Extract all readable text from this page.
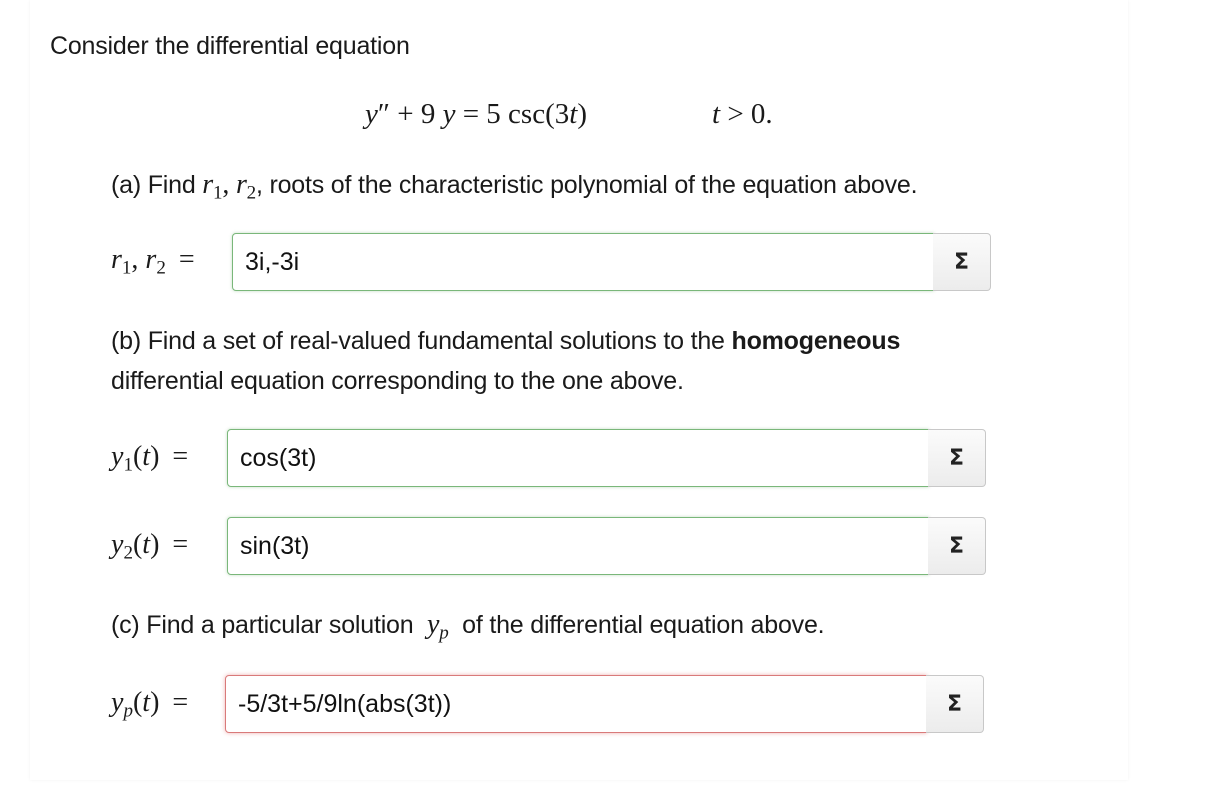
Consider the differential equation
y″ + 9 y = 5 csc(3t)	t > 0.
(a) Find $r_1$, $r_2$, roots of the characteristic polynomial of the equation above.
$r_1$, $r_2$ =	3i,-3i	Σ
(b) Find a set of real-valued fundamental solutions to the homogeneous
differential equation corresponding to the one above.
$y_1(t)$ =	cos(3t)	Σ
$y_2(t)$ =	sin(3t)	Σ
(c) Find a particular solution  $y_p$ of the differential equation above.
$y_p(t)$ =	-5/3t+5/9ln(abs(3t))	Σ
